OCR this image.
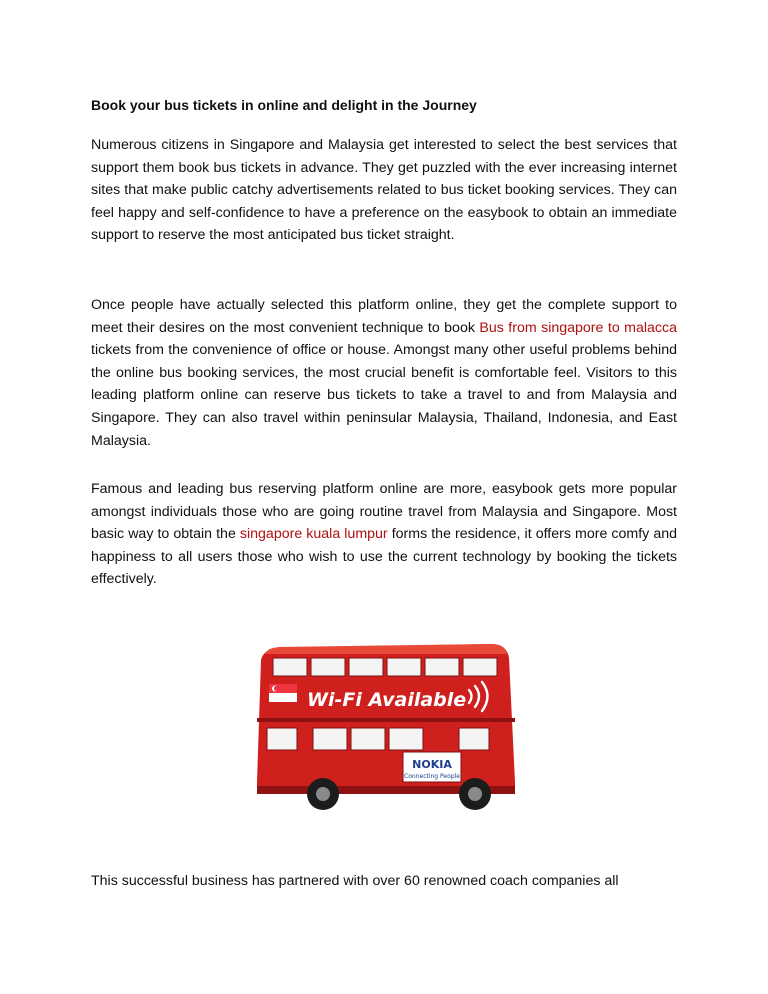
Book your bus tickets in online and delight in the Journey

Numerous citizens in Singapore and Malaysia get interested to select the best services that support them book bus tickets in advance. They get puzzled with the ever increasing internet sites that make public catchy advertisements related to bus ticket booking services. They can feel happy and self-confidence to have a preference on the easybook to obtain an immediate support to reserve the most anticipated bus ticket straight.

Once people have actually selected this platform online, they get the complete support to meet their desires on the most convenient technique to book Bus from singapore to malacca tickets from the convenience of office or house. Amongst many other useful problems behind the online bus booking services, the most crucial benefit is comfortable feel. Visitors to this leading platform online can reserve bus tickets to take a travel to and from Malaysia and Singapore. They can also travel within peninsular Malaysia, Thailand, Indonesia, and East Malaysia.

Famous and leading bus reserving platform online are more, easybook gets more popular amongst individuals those who are going routine travel from Malaysia and Singapore. Most basic way to obtain the singapore kuala lumpur forms the residence, it offers more comfy and happiness to all users those who wish to use the current technology by booking the tickets effectively.

Wi-Fi Available
NOKIA
Connecting People

This successful business has partnered with over 60 renowned coach companies all
